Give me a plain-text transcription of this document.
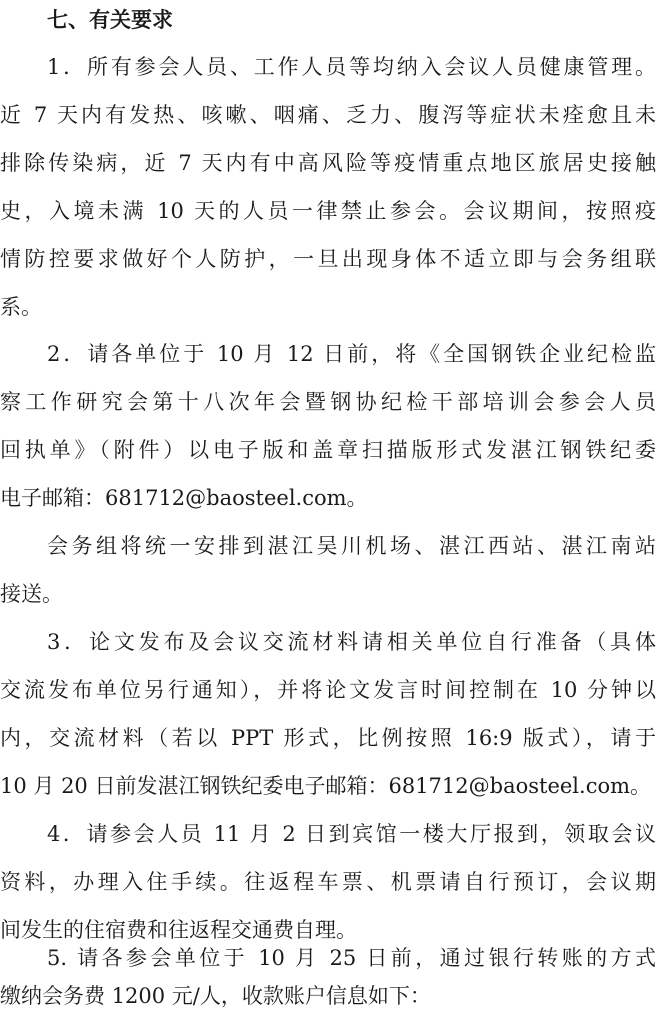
七、有关要求
1．所有参会人员、工作人员等均纳入会议人员健康管理。
近 7 天内有发热、咳嗽、咽痛、乏力、腹泻等症状未痊愈且未
排除传染病，近 7 天内有中高风险等疫情重点地区旅居史接触
史，入境未满 10 天的人员一律禁止参会。会议期间，按照疫
情防控要求做好个人防护，一旦出现身体不适立即与会务组联
系。
2．请各单位于 10 月 12 日前，将《全国钢铁企业纪检监
察工作研究会第十八次年会暨钢协纪检干部培训会参会人员
回执单》（附件）以电子版和盖章扫描版形式发湛江钢铁纪委
电子邮箱：681712@baosteel.com。
会务组将统一安排到湛江吴川机场、湛江西站、湛江南站
接送。
3．论文发布及会议交流材料请相关单位自行准备（具体
交流发布单位另行通知），并将论文发言时间控制在 10 分钟以
内，交流材料（若以 PPT 形式，比例按照 16:9 版式），请于
10 月 20 日前发湛江钢铁纪委电子邮箱：681712@baosteel.com。
4．请参会人员 11 月 2 日到宾馆一楼大厅报到，领取会议
资料，办理入住手续。往返程车票、机票请自行预订，会议期
间发生的住宿费和往返程交通费自理。
5. 请各参会单位于 10 月 25 日前，通过银行转账的方式
缴纳会务费 1200 元/人，收款账户信息如下：
